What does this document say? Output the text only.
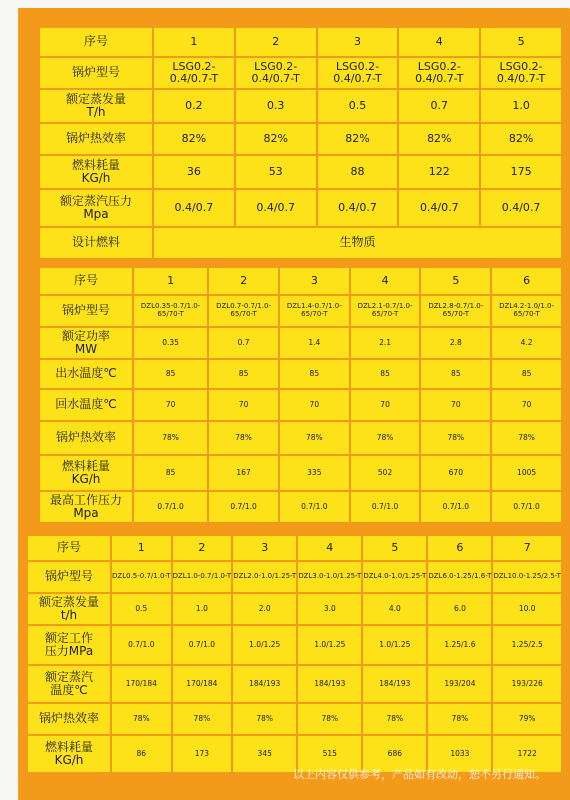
序号	1	2	3	4	5
锅炉型号	LSG0.2-0.4/0.7-T	LSG0.2-0.4/0.7-T	LSG0.2-0.4/0.7-T	LSG0.2-0.4/0.7-T	LSG0.2-0.4/0.7-T
额定蒸发量
T/h	0.2	0.3	0.5	0.7	1.0
锅炉热效率	82%	82%	82%	82%	82%
燃料耗量
KG/h	36	53	88	122	175
额定蒸汽压力
Mpa	0.4/0.7	0.4/0.7	0.4/0.7	0.4/0.7	0.4/0.7
设计燃料	生物质				
序号	1	2	3	4	5	6
锅炉型号	DZL0.35-0.7/1.0-65/70-T	DZL0.7-0.7/1.0-65/70-T	DZL1.4-0.7/1.0-65/70-T	DZL2.1-0.7/1.0-65/70-T	DZL2.8-0.7/1.0-65/70-T	DZL4.2-1.0/1.0-65/70-T
额定功率
MW	0.35	0.7	1.4	2.1	2.8	4.2
出水温度℃	85	85	85	85	85	85
回水温度℃	70	70	70	70	70	70
锅炉热效率	78%	78%	78%	78%	78%	78%
燃料耗量
KG/h	85	167	335	502	670	1005
最高工作压力
Mpa	0.7/1.0	0.7/1.0	0.7/1.0	0.7/1.0	0.7/1.0	0.7/1.0
序号	1	2	3	4	5	6	7
锅炉型号	DZL0.5-0.7/1.0-T	DZL1.0-0.7/1.0-T	DZL2.0-1.0/1.25-T	DZL3.0-1.0/1.25-T	DZL4.0-1.0/1.25-T	DZL6.0-1.25/1.6-T	DZL10.0-1.25/2.5-T
额定蒸发量
t/h	0.5	1.0	2.0	3.0	4.0	6.0	10.0
额定工作
压力MPa	0.7/1.0	0.7/1.0	1.0/1.25	1.0/1.25	1.0/1.25	1.25/1.6	1.25/2.5
额定蒸汽
温度℃	170/184	170/184	184/193	184/193	184/193	193/204	193/226
锅炉热效率	78%	78%	78%	78%	78%	78%	79%
燃料耗量
KG/h	86	173	345	515	686	1033	1722
以上内容仅供参考，产品如有改动，恕不另行通知。
